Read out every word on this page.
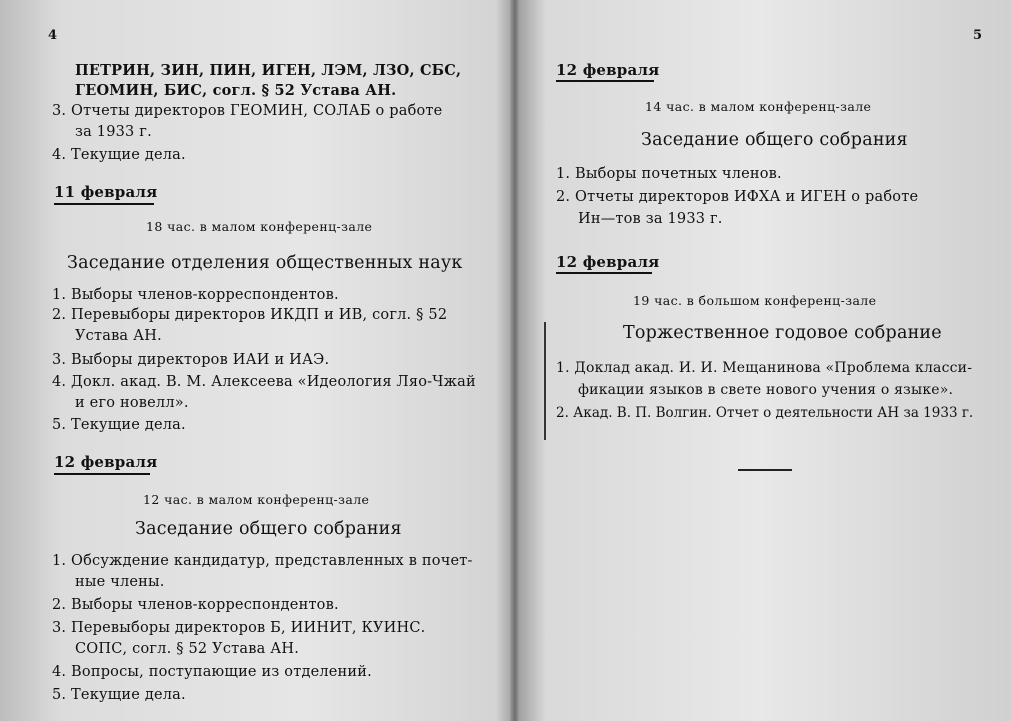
4
ПЕТРИН, ЗИН, ПИН, ИГЕН, ЛЭМ, ЛЗО, СБС,
ГЕОМИН, БИС, согл. § 52 Устава АН.
3. Отчеты директоров ГЕОМИН, СОЛАБ о работе
за 1933 г.
4. Текущие дела.
11 февраля
18 час. в малом конференц-зале
Заседание отделения общественных наук
1. Выборы членов-корреспондентов.
2. Перевыборы директоров ИКДП и ИВ, согл. § 52
Устава АН.
3. Выборы директоров ИАИ и ИАЭ.
4. Докл. акад. В. М. Алексеева «Идеология Ляо-Чжай
и его новелл».
5. Текущие дела.
12 февраля
12 час. в малом конференц-зале
Заседание общего собрания
1. Обсуждение кандидатур, представленных в почет-
ные члены.
2. Выборы членов-корреспондентов.
3. Перевыборы директоров Б, ИИНИТ, КУИНС.
СОПС, согл. § 52 Устава АН.
4. Вопросы, поступающие из отделений.
5. Текущие дела.
5
12 февраля
14 час. в малом конференц-зале
Заседание общего собрания
1. Выборы почетных членов.
2. Отчеты директоров ИФХА и ИГЕН о работе
Ин—тов за 1933 г.
12 февраля
19 час. в большом конференц-зале
Торжественное годовое собрание
1. Доклад акад. И. И. Мещанинова «Проблема класси-
фикации языков в свете нового учения о языке».
2. Акад. В. П. Волгин. Отчет о деятельности АН за 1933 г.
